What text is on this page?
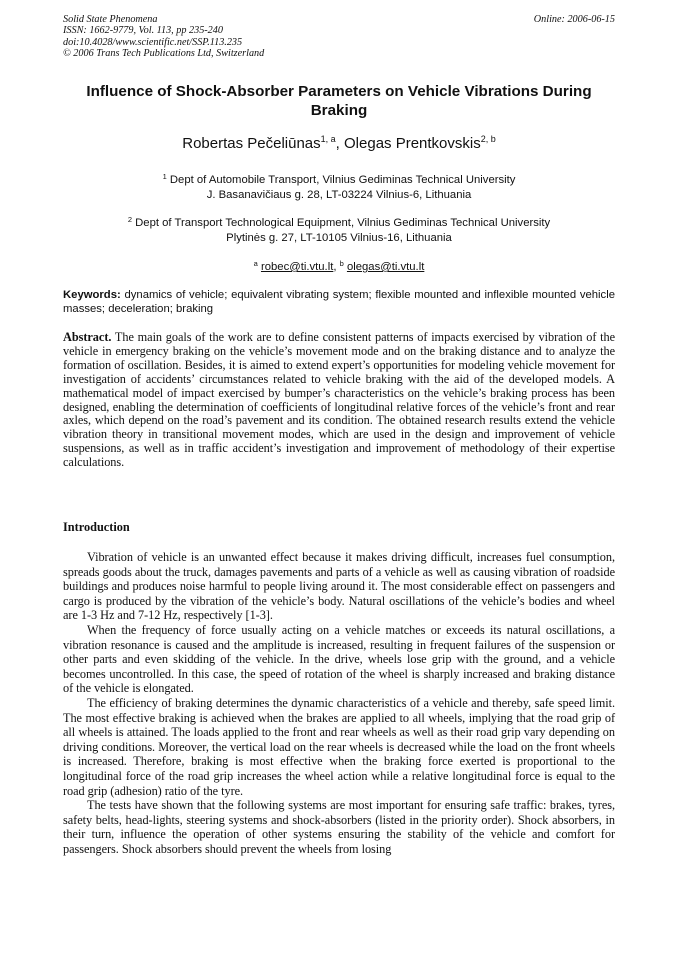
Solid State Phenomena
ISSN: 1662-9779, Vol. 113, pp 235-240
doi:10.4028/www.scientific.net/SSP.113.235
© 2006 Trans Tech Publications Ltd, Switzerland
Online: 2006-06-15
Influence of Shock-Absorber Parameters on Vehicle Vibrations During Braking
Robertas Pečeliūnas$^{1, a}$, Olegas Prentkovskis$^{2, b}$
$^1$ Dept of Automobile Transport, Vilnius Gediminas Technical University
J. Basanavičiaus g. 28, LT-03224 Vilnius-6, Lithuania
$^2$ Dept of Transport Technological Equipment, Vilnius Gediminas Technical University
Plytinės g. 27, LT-10105 Vilnius-16, Lithuania
$^a$ robec@ti.vtu.lt, $^b$ olegas@ti.vtu.lt
Keywords: dynamics of vehicle; equivalent vibrating system; flexible mounted and inflexible mounted vehicle masses; deceleration; braking
Abstract. The main goals of the work are to define consistent patterns of impacts exercised by vibration of the vehicle in emergency braking on the vehicle’s movement mode and on the braking distance and to analyze the formation of oscillation. Besides, it is aimed to extend expert’s opportunities for modeling vehicle movement for investigation of accidents’ circumstances related to vehicle braking with the aid of the developed models. A mathematical model of impact exercised by bumper’s characteristics on the vehicle’s braking process has been designed, enabling the determination of coefficients of longitudinal relative forces of the vehicle’s front and rear axles, which depend on the road’s pavement and its condition. The obtained research results extend the vehicle vibration theory in transitional movement modes, which are used in the design and improvement of vehicle suspensions, as well as in traffic accident’s investigation and improvement of methodology of their expertise calculations.
Introduction

Vibration of vehicle is an unwanted effect because it makes driving difficult, increases fuel consumption, spreads goods about the truck, damages pavements and parts of a vehicle as well as causing vibration of roadside buildings and produces noise harmful to people living around it. The most considerable effect on passengers and cargo is produced by the vibration of the vehicle’s body. Natural oscillations of the vehicle’s bodies and wheel are 1-3 Hz and 7-12 Hz, respectively [1-3].

When the frequency of force usually acting on a vehicle matches or exceeds its natural oscillations, a vibration resonance is caused and the amplitude is increased, resulting in frequent failures of the suspension or other parts and even skidding of the vehicle. In the drive, wheels lose grip with the ground, and a vehicle becomes uncontrolled. In this case, the speed of rotation of the wheel is sharply increased and braking distance of the vehicle is elongated.

The efficiency of braking determines the dynamic characteristics of a vehicle and thereby, safe speed limit. The most effective braking is achieved when the brakes are applied to all wheels, implying that the road grip of all wheels is attained. The loads applied to the front and rear wheels as well as their road grip vary depending on driving conditions. Moreover, the vertical load on the rear wheels is decreased while the load on the front wheels is increased. Therefore, braking is most effective when the braking force exerted is proportional to the longitudinal force of the road grip increases the wheel action while a relative longitudinal force is equal to the road grip (adhesion) ratio of the tyre.

The tests have shown that the following systems are most important for ensuring safe traffic: brakes, tyres, safety belts, head-lights, steering systems and shock-absorbers (listed in the priority order). Shock absorbers, in their turn, influence the operation of other systems ensuring the stability of the vehicle and comfort for passengers. Shock absorbers should prevent the wheels from losing
